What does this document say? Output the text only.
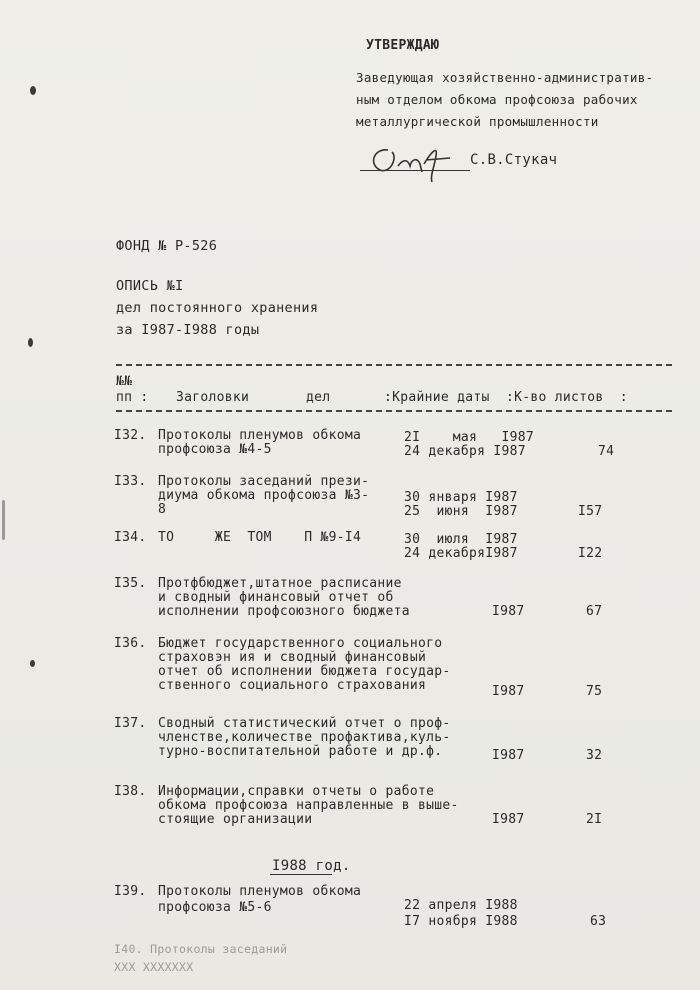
УТВЕРЖДАЮ
Заведующая хозяйственно-административ-
ным отделом обкома профсоюза рабочих
металлургической промышленности
С.В.Стукач
ФОНД № Р-526
ОПИСЬ №I
дел постоянного хранения
за I987-I988 годы
№№
пп : Заголовки       дел	:Крайние даты :К-во листов  :
I32. Протоколы пленумов обкома
профсоюза №4-5
2I    мая   I987
24 декабря I987	74
I33. Протоколы заседаний прези-
диума обкома профсоюза №3-
8
30 января I987
25  июня  I987	I57
I34. ТО     ЖЕ  ТОМ    П №9-I4	30  июля  I987
24 декабряI987	I22
I35. Протфбюджет,штатное расписание
и сводный финансовый отчет об
исполнении профсоюзного бюджета	I987	67
I36. Бюджет государственного социального
страховэн ия и сводный финансовый
отчет об исполнении бюджета государ-
ственного социального страхования	I987	75
I37. Сводный статистический отчет о проф-
членстве,количестве профактива,куль-
турно-воспитательной работе и др.ф.	I987	32
I38. Информации,справки отчеты о работе
обкома профсоюза направленные в выше-
стоящие организации	I987	2I
I988 год.
I39. Протоколы пленумов обкома
профсоюза №5-6	22 апреля I988
I7 ноября I988	63
I40. Протоколы заседаний
ХХХ ХХХХХХХ
